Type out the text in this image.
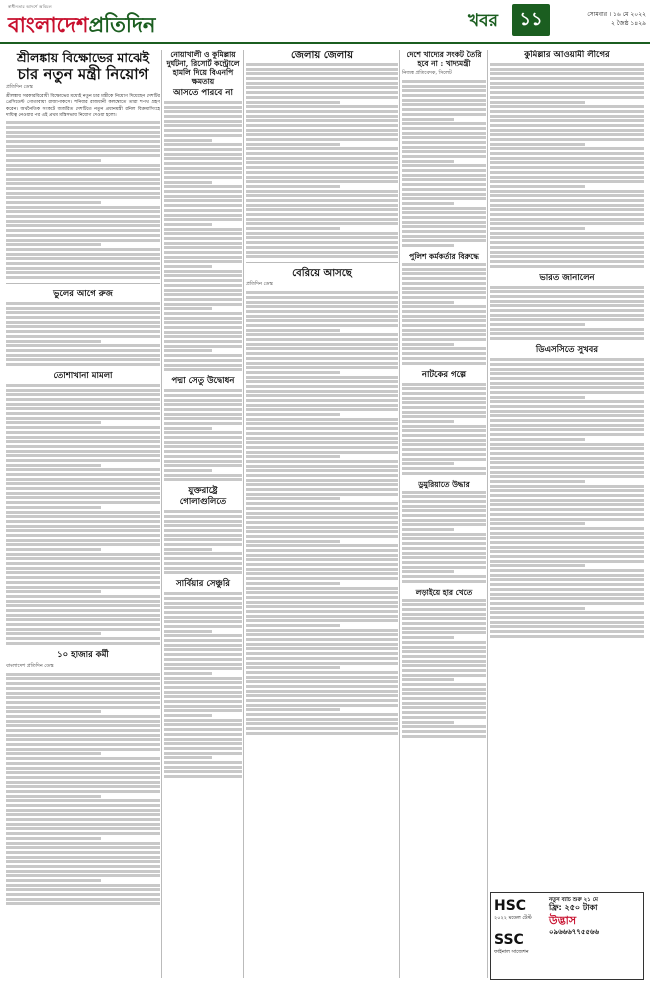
স্বাধীনতার আদর্শে অবিচল
বাংলাদেশপ্রতিদিন	খবর	১১	সোমবার । ১৬ মে ২০২২
২ জৈষ্ঠ ১৪২৯
শ্রীলঙ্কায় বিক্ষোভের মাঝেই
চার নতুন মন্ত্রী নিয়োগ
প্রতিদিন ডেস্ক

শ্রীলঙ্কায় সরকারবিরোধী বিক্ষোভের মধ্যেই নতুন চার মন্ত্রীকে নিয়োগ দিয়েছেন দেশটির প্রেসিডেন্ট গোতাবায়া রাজাপাকসে। শনিবার রাজধানী কলম্বোতে তারা শপথ গ্রহণ করেন। অর্থনৈতিক সংকটে জর্জরিত দেশটিতে নতুন প্রধানমন্ত্রী রনিল বিক্রমাসিংহে দায়িত্ব নেওয়ার পর এই প্রথম মন্ত্রিসভায় নিয়োগ দেওয়া হলো।

ভুলের আগে রুজ

তোশাখানা মামলা

১০ হাজার কর্মী
বাংলাদেশ প্রতিদিন ডেস্ক

নোয়াখালী ও কুমিল্লায় দুর্ঘটনা, রিসোর্ট কন্ট্রোলে হামলি দিয়ে বিএনপি ক্ষমতায়
আসতে পারবে না

পদ্মা সেতু উদ্বোধন

যুক্তরাষ্ট্রে গোলাগুলিতে

সার্বিয়ার সেঞ্চুরি

জেলায় জেলায়

বেরিয়ে আসছে
প্রতিদিন ডেস্ক

দেশে খাদ্যের সংকট তৈরি হবে না : খাদ্যমন্ত্রী
নিজস্ব প্রতিবেদক, সিলেট

পুলিশ কর্মকর্তার বিরুদ্ধে

নাটকের গল্পে

ডুমুরিয়াতে উদ্ধার

লড়াইয়ে হার খেতে

কুমিল্লার আওয়ামী লীগের

ভারত জানালেন

ডিএসসিতে সুখবর

HSC
২০২২ মডেল টেস্ট
SSC
ফাইনাল সাজেশন
নতুন ব্যাচ শুরু ২১ মে
ফ্রি: ২৫০ টাকা
উদ্ভাস
০৯৬৬৬৭৭৫৫৬৬
